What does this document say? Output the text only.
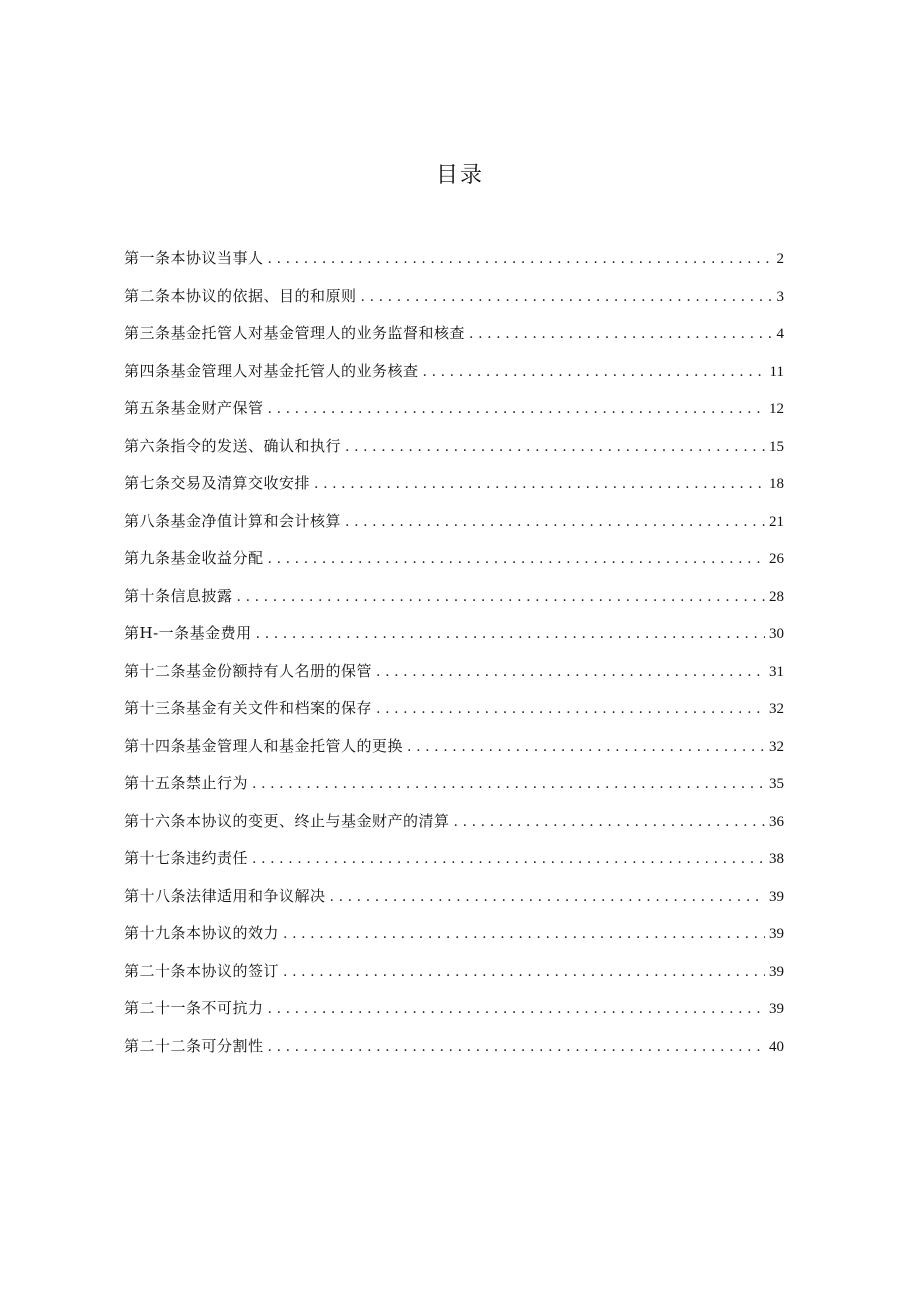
目录
第一条本协议当事人 .....	2
第二条本协议的依据、目的和原则 .....	3
第三条基金托管人对基金管理人的业务监督和核查 .....	4
第四条基金管理人对基金托管人的业务核查 .....	11
第五条基金财产保管 .....	12
第六条指令的发送、确认和执行 .....	15
第七条交易及清算交收安排 .....	18
第八条基金净值计算和会计核算 .....	21
第九条基金收益分配 .....	26
第十条信息披露 .....	28
第H-一条基金费用 .....	30
第十二条基金份额持有人名册的保管 .....	31
第十三条基金有关文件和档案的保存 .....	32
第十四条基金管理人和基金托管人的更换 .....	32
第十五条禁止行为 .....	35
第十六条本协议的变更、终止与基金财产的清算 .....	36
第十七条违约责任 .....	38
第十八条法律适用和争议解决 .....	39
第十九条本协议的效力 .....	39
第二十条本协议的签订 .....	39
第二十一条不可抗力 .....	39
第二十二条可分割性 .....	40
